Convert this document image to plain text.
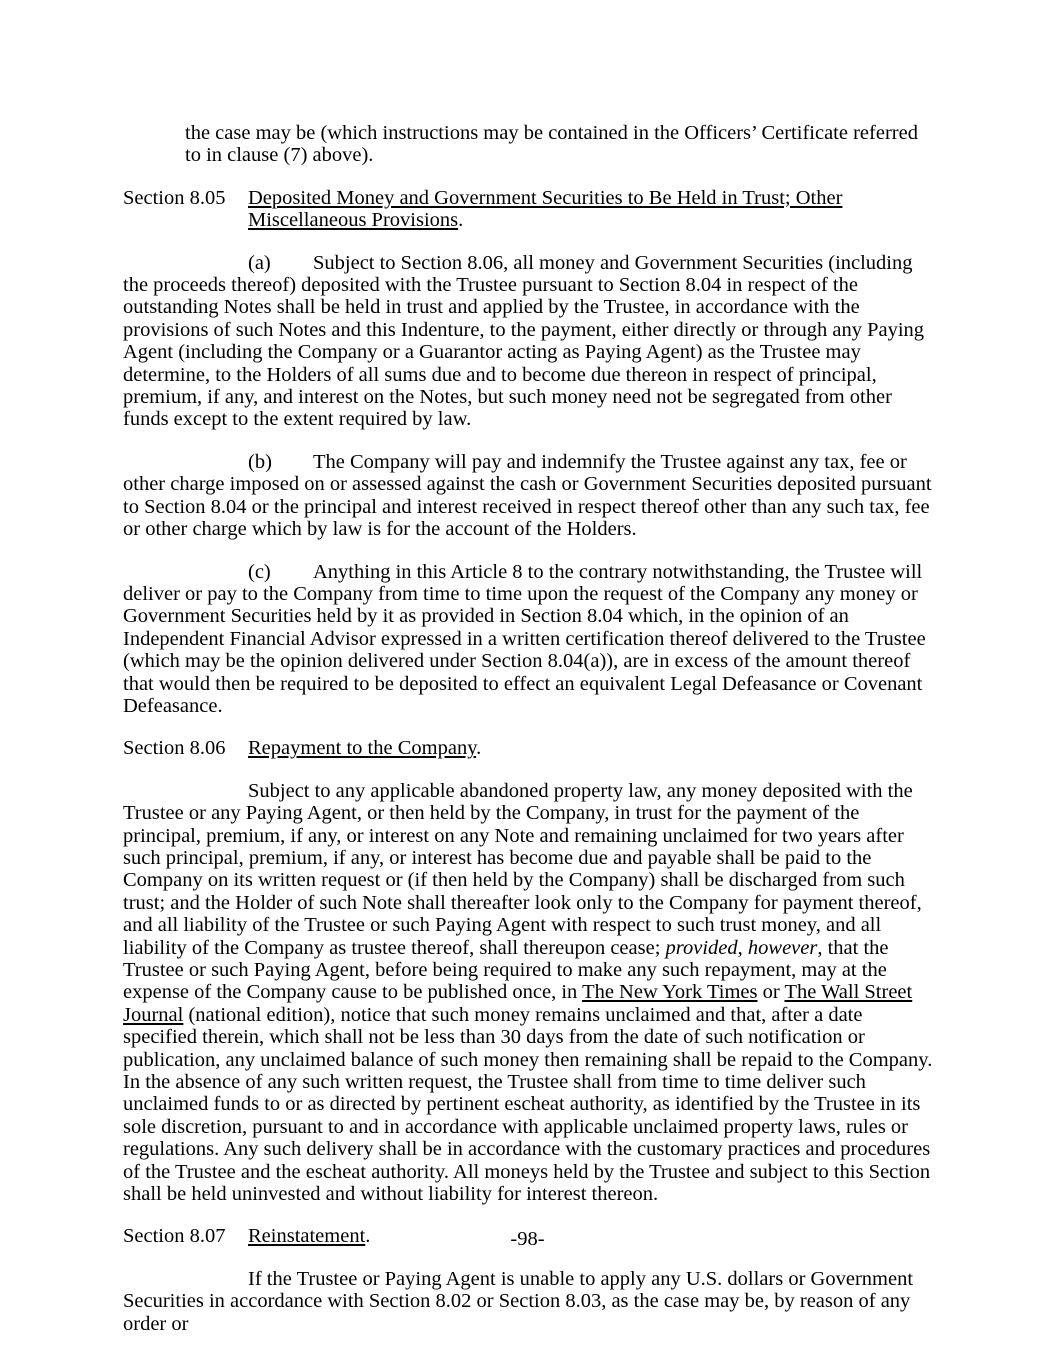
the case may be (which instructions may be contained in the Officers’ Certificate referred to in clause (7) above).

Section 8.05 Deposited Money and Government Securities to Be Held in Trust; Other Miscellaneous Provisions.

(a) Subject to Section 8.06, all money and Government Securities (including the proceeds thereof) deposited with the Trustee pursuant to Section 8.04 in respect of the outstanding Notes shall be held in trust and applied by the Trustee, in accordance with the provisions of such Notes and this Indenture, to the payment, either directly or through any Paying Agent (including the Company or a Guarantor acting as Paying Agent) as the Trustee may determine, to the Holders of all sums due and to become due thereon in respect of principal, premium, if any, and interest on the Notes, but such money need not be segregated from other funds except to the extent required by law.

(b) The Company will pay and indemnify the Trustee against any tax, fee or other charge imposed on or assessed against the cash or Government Securities deposited pursuant to Section 8.04 or the principal and interest received in respect thereof other than any such tax, fee or other charge which by law is for the account of the Holders.

(c) Anything in this Article 8 to the contrary notwithstanding, the Trustee will deliver or pay to the Company from time to time upon the request of the Company any money or Government Securities held by it as provided in Section 8.04 which, in the opinion of an Independent Financial Advisor expressed in a written certification thereof delivered to the Trustee (which may be the opinion delivered under Section 8.04(a)), are in excess of the amount thereof that would then be required to be deposited to effect an equivalent Legal Defeasance or Covenant Defeasance.

Section 8.06 Repayment to the Company.

Subject to any applicable abandoned property law, any money deposited with the Trustee or any Paying Agent, or then held by the Company, in trust for the payment of the principal, premium, if any, or interest on any Note and remaining unclaimed for two years after such principal, premium, if any, or interest has become due and payable shall be paid to the Company on its written request or (if then held by the Company) shall be discharged from such trust; and the Holder of such Note shall thereafter look only to the Company for payment thereof, and all liability of the Trustee or such Paying Agent with respect to such trust money, and all liability of the Company as trustee thereof, shall thereupon cease; provided, however, that the Trustee or such Paying Agent, before being required to make any such repayment, may at the expense of the Company cause to be published once, in The New York Times or The Wall Street Journal (national edition), notice that such money remains unclaimed and that, after a date specified therein, which shall not be less than 30 days from the date of such notification or publication, any unclaimed balance of such money then remaining shall be repaid to the Company. In the absence of any such written request, the Trustee shall from time to time deliver such unclaimed funds to or as directed by pertinent escheat authority, as identified by the Trustee in its sole discretion, pursuant to and in accordance with applicable unclaimed property laws, rules or regulations. Any such delivery shall be in accordance with the customary practices and procedures of the Trustee and the escheat authority. All moneys held by the Trustee and subject to this Section shall be held uninvested and without liability for interest thereon.

Section 8.07 Reinstatement.

If the Trustee or Paying Agent is unable to apply any U.S. dollars or Government Securities in accordance with Section 8.02 or Section 8.03, as the case may be, by reason of any order or

-98-
